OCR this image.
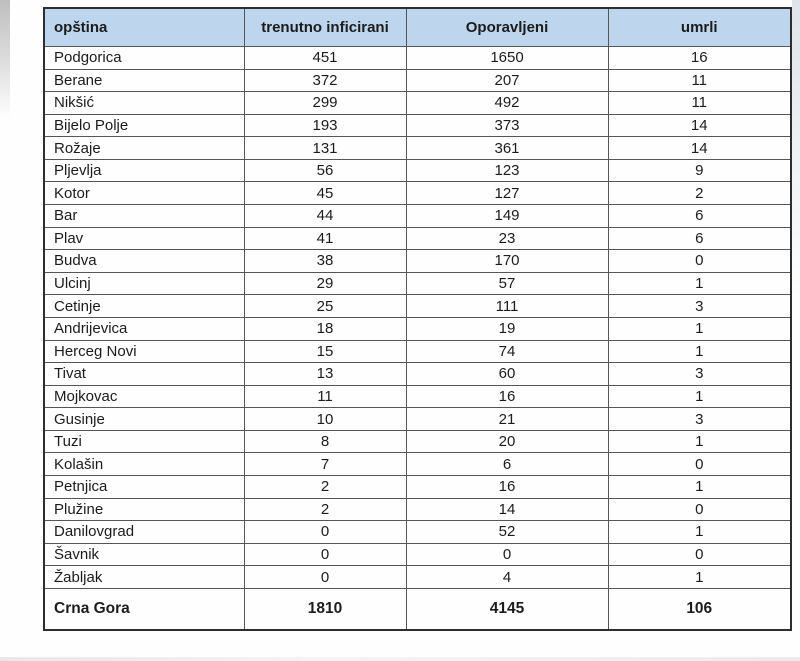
opština	trenutno inficirani	Oporavljeni	umrli
Podgorica	451	1650	16
Berane	372	207	11
Nikšić	299	492	11
Bijelo Polje	193	373	14
Rožaje	131	361	14
Pljevlja	56	123	9
Kotor	45	127	2
Bar	44	149	6
Plav	41	23	6
Budva	38	170	0
Ulcinj	29	57	1
Cetinje	25	111	3
Andrijevica	18	19	1
Herceg Novi	15	74	1
Tivat	13	60	3
Mojkovac	11	16	1
Gusinje	10	21	3
Tuzi	8	20	1
Kolašin	7	6	0
Petnjica	2	16	1
Plužine	2	14	0
Danilovgrad	0	52	1
Šavnik	0	0	0
Žabljak	0	4	1
Crna Gora	1810	4145	106
